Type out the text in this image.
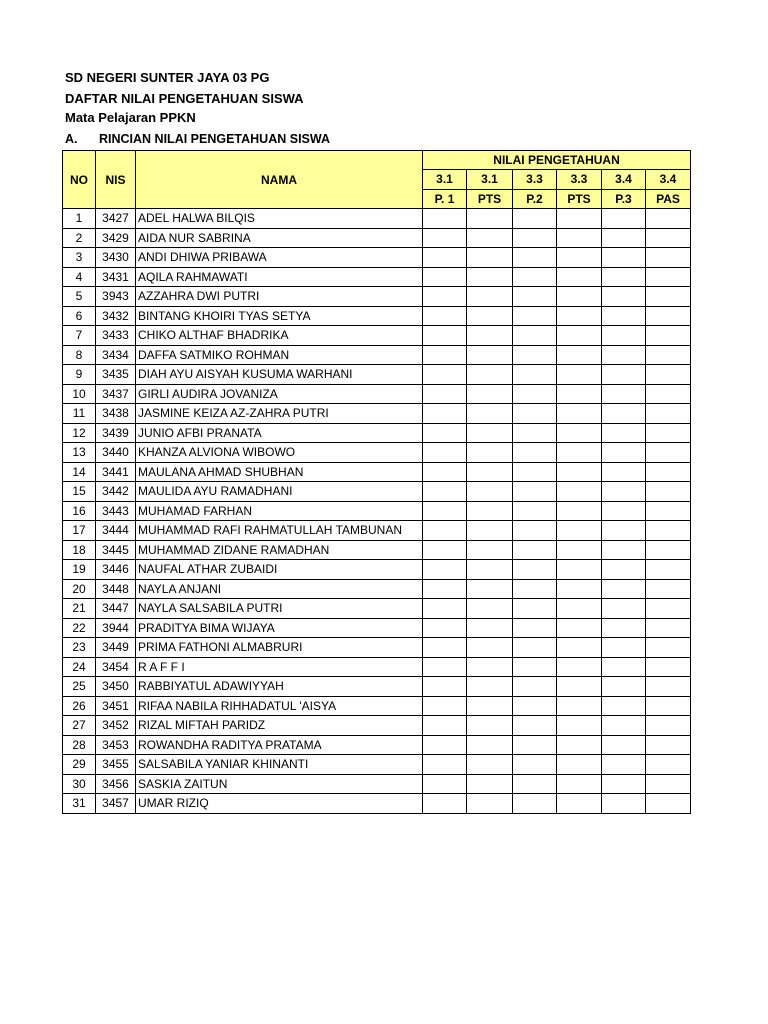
SD NEGERI SUNTER JAYA 03 PG
DAFTAR NILAI PENGETAHUAN SISWA
Mata Pelajaran PPKN
A. RINCIAN NILAI PENGETAHUAN SISWA
NO	NIS	NAMA	NILAI PENGETAHUAN					
			3.1	3.1	3.3	3.3	3.4	3.4
			P. 1	PTS	P.2	PTS	P.3	PAS
1	3427	ADEL HALWA BILQIS						
2	3429	AIDA NUR SABRINA						
3	3430	ANDI DHIWA PRIBAWA						
4	3431	AQILA RAHMAWATI						
5	3943	AZZAHRA DWI PUTRI						
6	3432	BINTANG KHOIRI TYAS SETYA						
7	3433	CHIKO ALTHAF BHADRIKA						
8	3434	DAFFA SATMIKO ROHMAN						
9	3435	DIAH AYU AISYAH KUSUMA WARHANI						
10	3437	GIRLI AUDIRA JOVANIZA						
11	3438	JASMINE KEIZA AZ-ZAHRA PUTRI						
12	3439	JUNIO AFBI PRANATA						
13	3440	KHANZA ALVIONA WIBOWO						
14	3441	MAULANA AHMAD SHUBHAN						
15	3442	MAULIDA AYU RAMADHANI						
16	3443	MUHAMAD FARHAN						
17	3444	MUHAMMAD RAFI RAHMATULLAH TAMBUNAN						
18	3445	MUHAMMAD ZIDANE RAMADHAN						
19	3446	NAUFAL ATHAR ZUBAIDI						
20	3448	NAYLA ANJANI						
21	3447	NAYLA SALSABILA PUTRI						
22	3944	PRADITYA BIMA WIJAYA						
23	3449	PRIMA FATHONI ALMABRURI						
24	3454	R A F F I						
25	3450	RABBIYATUL ADAWIYYAH						
26	3451	RIFAA NABILA RIHHADATUL 'AISYA						
27	3452	RIZAL MIFTAH PARIDZ						
28	3453	ROWANDHA RADITYA PRATAMA						
29	3455	SALSABILA YANIAR KHINANTI						
30	3456	SASKIA ZAITUN						
31	3457	UMAR RIZIQ						
